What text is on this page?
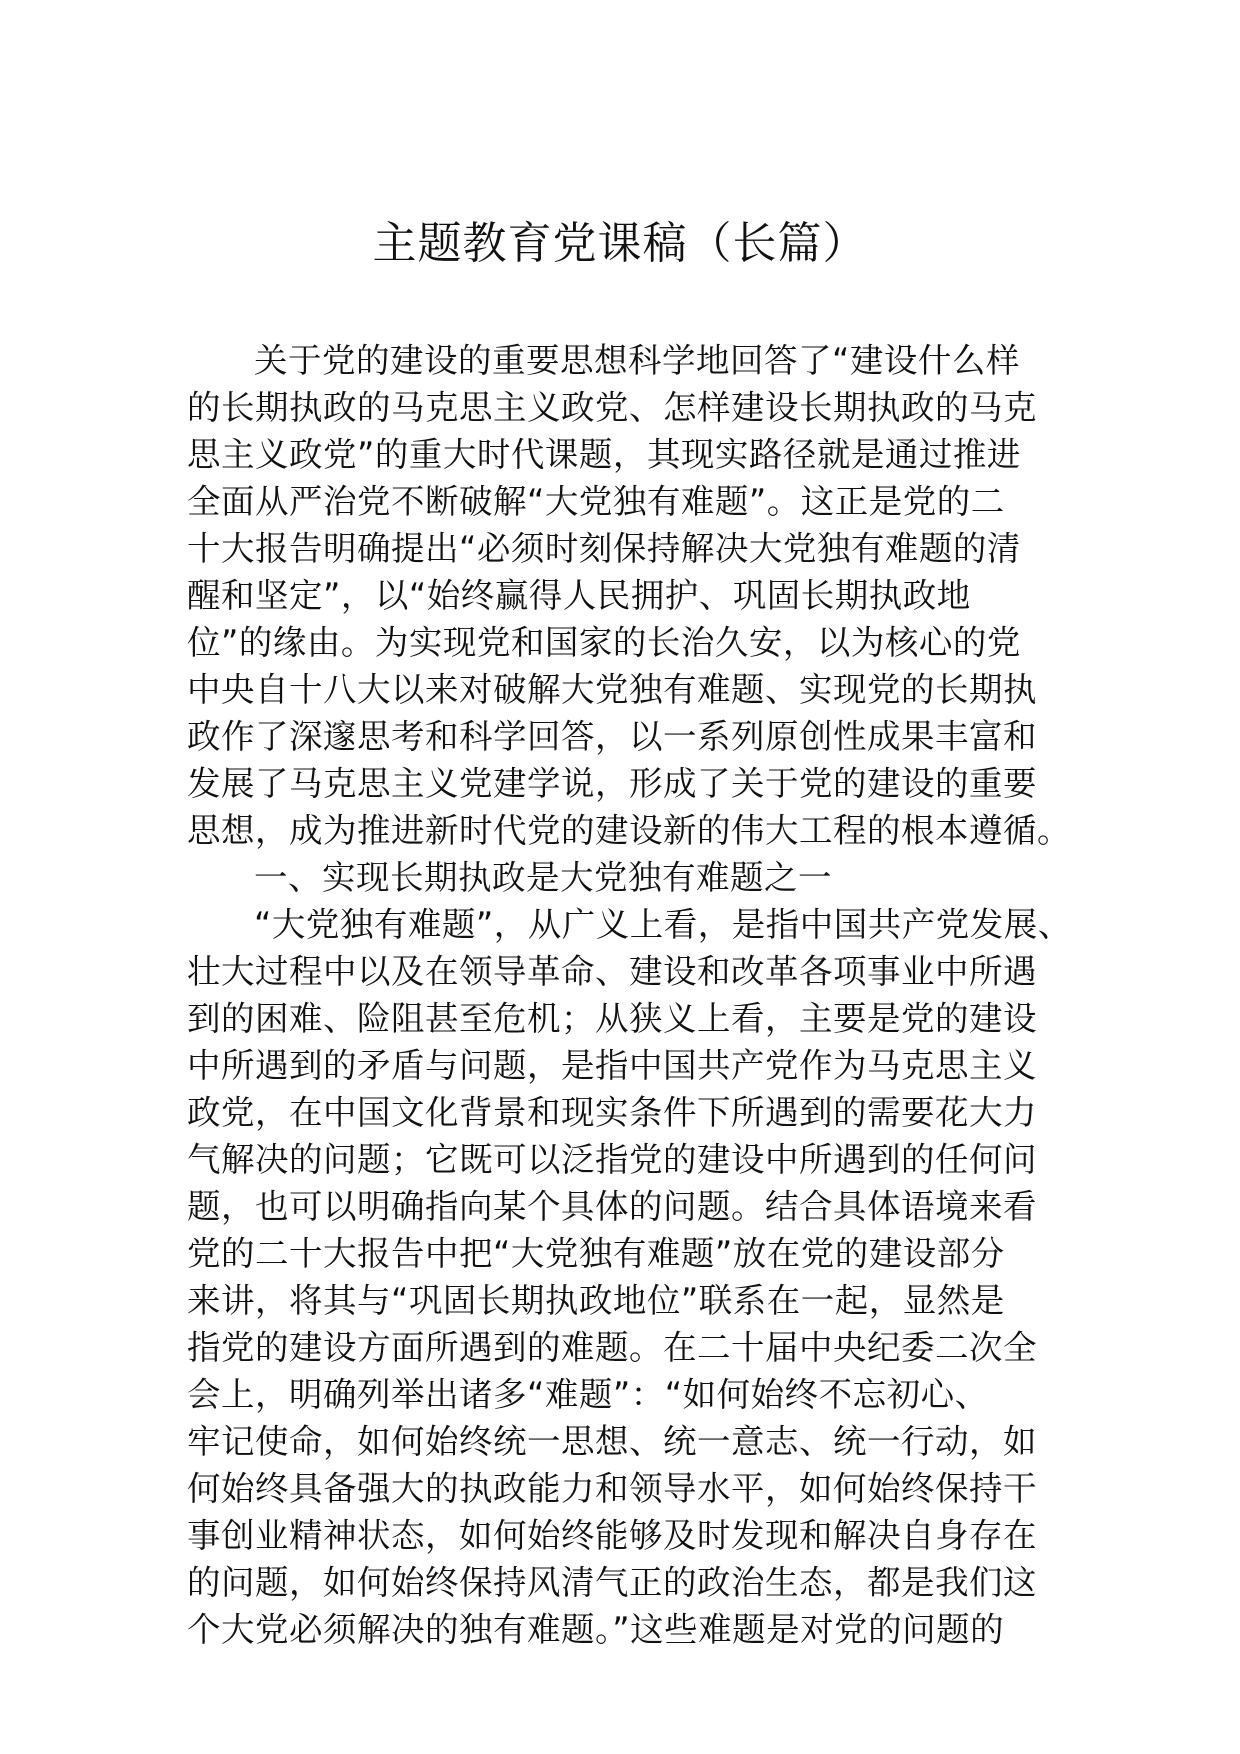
主题教育党课稿（长篇）
关于党的建设的重要思想科学地回答了“建设什么样
的长期执政的马克思主义政党、怎样建设长期执政的马克
思主义政党”的重大时代课题，其现实路径就是通过推进
全面从严治党不断破解“大党独有难题”。这正是党的二
十大报告明确提出“必须时刻保持解决大党独有难题的清
醒和坚定”，以“始终赢得人民拥护、巩固长期执政地
位”的缘由。为实现党和国家的长治久安，以为核心的党
中央自十八大以来对破解大党独有难题、实现党的长期执
政作了深邃思考和科学回答，以一系列原创性成果丰富和
发展了马克思主义党建学说，形成了关于党的建设的重要
思想，成为推进新时代党的建设新的伟大工程的根本遵循。
一、实现长期执政是大党独有难题之一
“大党独有难题”，从广义上看，是指中国共产党发展、
壮大过程中以及在领导革命、建设和改革各项事业中所遇
到的困难、险阻甚至危机；从狭义上看，主要是党的建设
中所遇到的矛盾与问题，是指中国共产党作为马克思主义
政党，在中国文化背景和现实条件下所遇到的需要花大力
气解决的问题；它既可以泛指党的建设中所遇到的任何问
题，也可以明确指向某个具体的问题。结合具体语境来看
党的二十大报告中把“大党独有难题”放在党的建设部分
来讲，将其与“巩固长期执政地位”联系在一起，显然是
指党的建设方面所遇到的难题。在二十届中央纪委二次全
会上，明确列举出诸多“难题”：“如何始终不忘初心、
牢记使命，如何始终统一思想、统一意志、统一行动，如
何始终具备强大的执政能力和领导水平，如何始终保持干
事创业精神状态，如何始终能够及时发现和解决自身存在
的问题，如何始终保持风清气正的政治生态，都是我们这
个大党必须解决的独有难题。”这些难题是对党的问题的
